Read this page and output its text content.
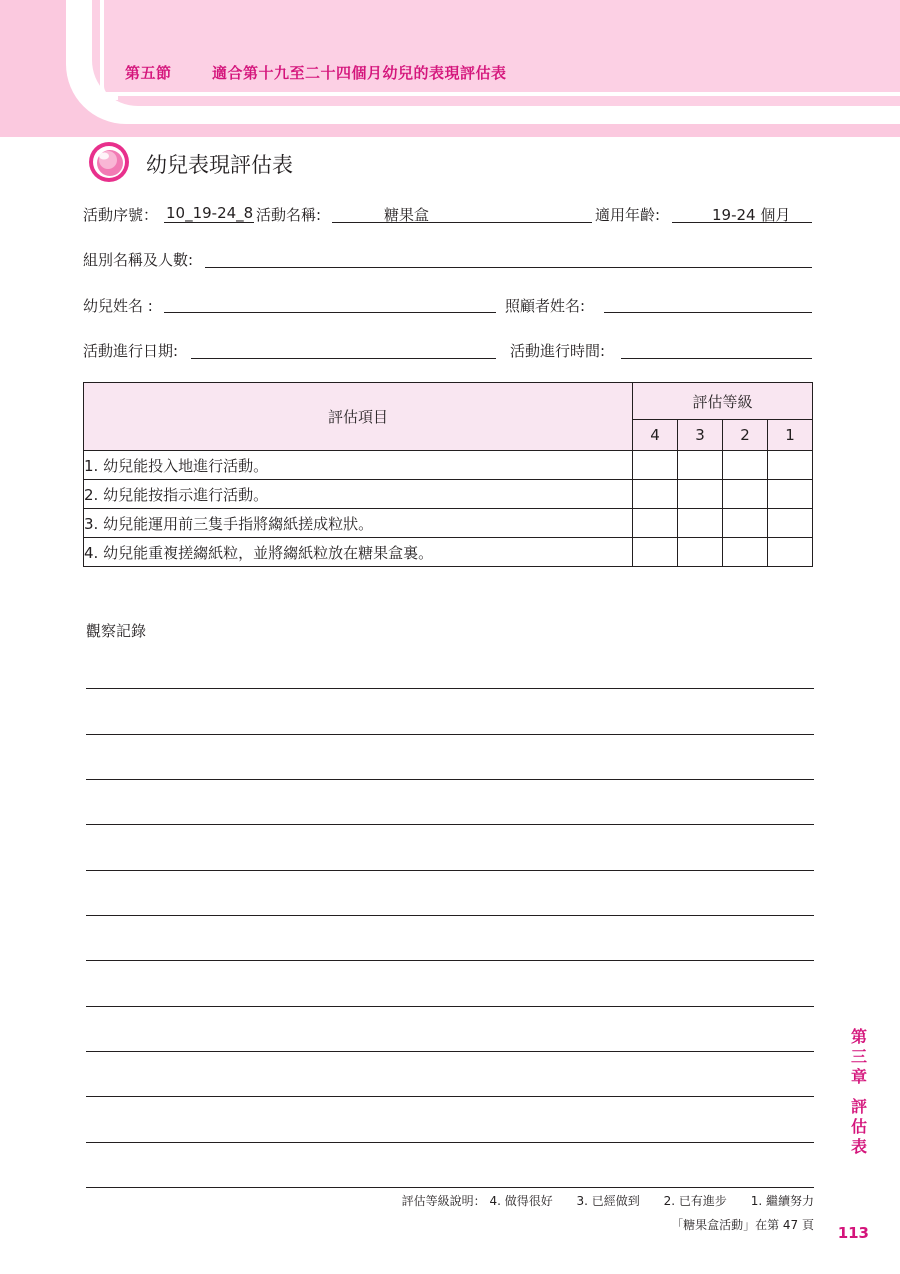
第五節	適合第十九至二十四個月幼兒的表現評估表
幼兒表現評估表
活動序號： 10_19-24_8 活動名稱:	糖果盒	適用年齡:	19-24 個月
組別名稱及人數:
幼兒姓名 :	照顧者姓名:
活動進行日期:	活動進行時間:
評估項目	評估等級			
	4	3	2	1
1. 幼兒能投入地進行活動。				
2. 幼兒能按指示進行活動。				
3. 幼兒能運用前三隻手指將縐紙搓成粒狀。				
4. 幼兒能重複搓縐紙粒，並將縐紙粒放在糖果盒裏。				
觀察記錄
評估等級說明： 4. 做得很好 3. 已經做到 2. 已有進步 1. 繼續努力
「糖果盒活動」在第 47 頁 113
第
三
章
評
估
表
